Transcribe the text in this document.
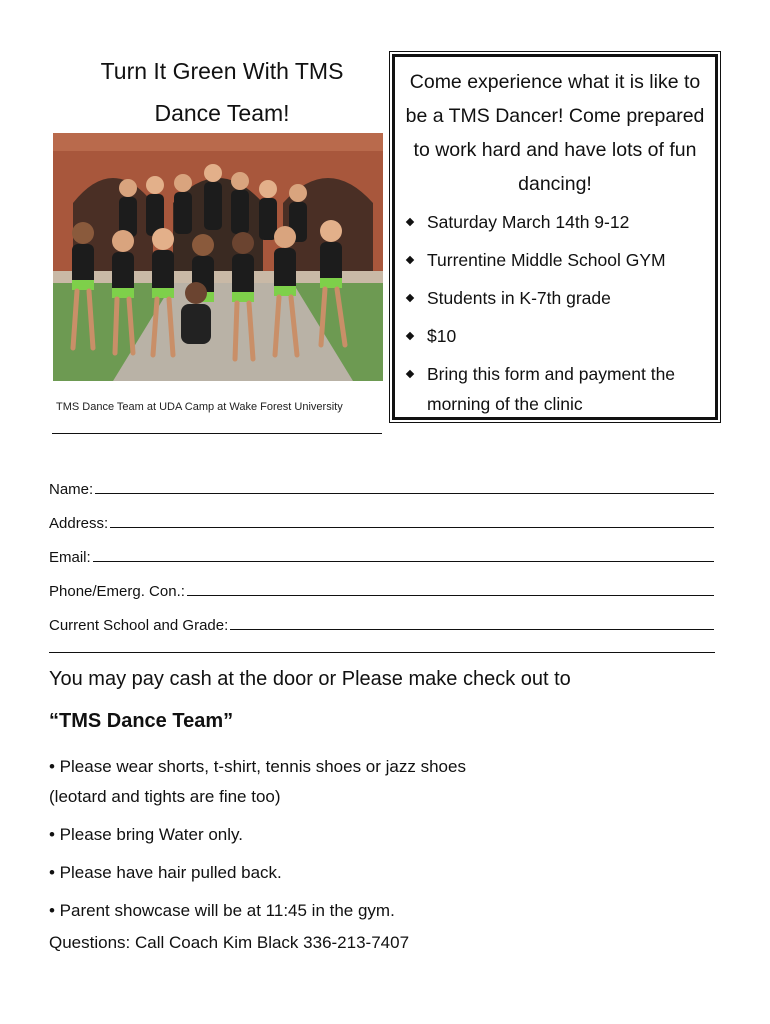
Turn It Green With TMS
Dance Team!
TMS Dance Team at UDA Camp at Wake Forest University
Come experience what it is like to
be a TMS Dancer! Come prepared
to work hard and have lots of fun
dancing!
Saturday March 14th 9-12
Turrentine Middle School GYM
Students in K-7th grade
$10
Bring this form and payment the morning of the clinic
Name:
Address:
Email:
Phone/Emerg. Con.:
Current School and Grade:
You may pay cash at the door or Please make check out to
“TMS Dance Team”
• Please wear shorts, t-shirt, tennis shoes or jazz shoes
(leotard and tights are fine too)
• Please bring Water only.
• Please have hair pulled back.
• Parent showcase will be at 11:45 in the gym.
Questions: Call Coach Kim Black 336-213-7407
